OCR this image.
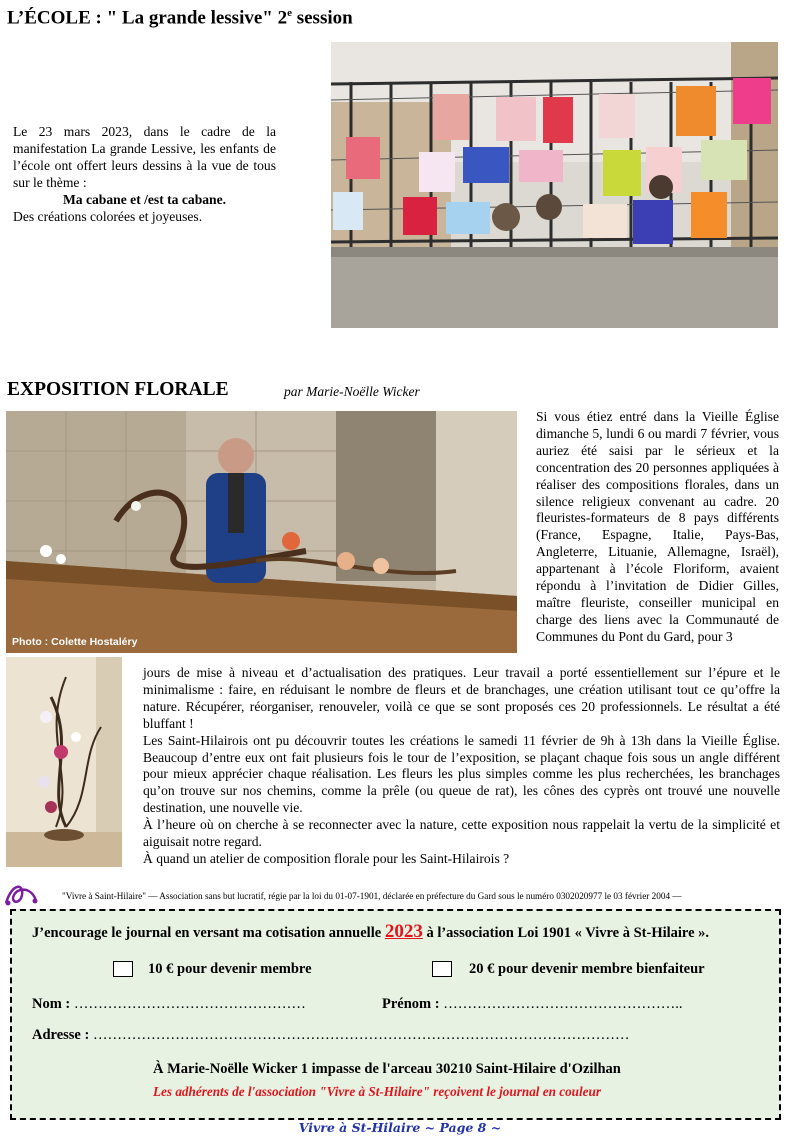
L’ÉCOLE : " La grande lessive" 2e session
Le 23 mars 2023, dans le cadre de la manifestation La grande Lessive, les enfants de l’école ont offert leurs dessins à la vue de tous sur le thème :
Ma cabane et /est ta cabane.
Des créations colorées et joyeuses.
EXPOSITION FLORALE	par Marie-Noëlle Wicker
Photo : Colette Hostaléry
Si vous étiez entré dans la Vieille Église dimanche 5, lundi 6 ou mardi 7 février, vous auriez été saisi par le sérieux et la concentration des 20 personnes appliquées à réaliser des compositions florales, dans un silence religieux convenant au cadre. 20 fleuristes-formateurs de 8 pays différents (France, Espagne, Italie, Pays-Bas, Angleterre, Lituanie, Allemagne, Israël), appartenant à l’école Floriform, avaient répondu à l’invitation de Didier Gilles, maître fleuriste, conseiller municipal en charge des liens avec la Communauté de Communes du Pont du Gard, pour 3

jours de mise à niveau et d’actualisation des pratiques. Leur travail a porté essentiellement sur l’épure et le minimalisme : faire, en réduisant le nombre de fleurs et de branchages, une création utilisant tout ce qu’offre la nature. Récupérer, réorganiser, renouveler, voilà ce que se sont proposés ces 20 professionnels. Le résultat a été bluffant !

Les Saint-Hilairois ont pu découvrir toutes les créations le samedi 11 février de 9h à 13h dans la Vieille Église. Beaucoup d’entre eux ont fait plusieurs fois le tour de l’exposition, se plaçant chaque fois sous un angle différent pour mieux apprécier chaque réalisation. Les fleurs les plus simples comme les plus recherchées, les branchages qu’on trouve sur nos chemins, comme la prêle (ou queue de rat), les cônes des cyprès ont trouvé une nouvelle destination, une nouvelle vie.

À l’heure où on cherche à se reconnecter avec la nature, cette exposition nous rappelait la vertu de la simplicité et aiguisait notre regard.

À quand un atelier de composition florale pour les Saint-Hilairois ?

"Vivre à Saint-Hilaire" — Association sans but lucratif, régie par la loi du 01-07-1901, déclarée en préfecture du Gard sous le numéro 0302020977 le 03 février 2004 —
J’encourage le journal en versant ma cotisation annuelle 2023 à l’association Loi 1901 « Vivre à St-Hilaire ».
10 € pour devenir membre	20 € pour devenir membre bienfaiteur
Nom : …………………………………………	Prénom : …………………………………………..
Adresse : …………………………………………………………………………………………………
À Marie-Noëlle Wicker 1 impasse de l'arceau 30210 Saint-Hilaire d'Ozilhan
Les adhérents de l'association "Vivre à St-Hilaire" reçoivent le journal en couleur
Vivre à St-Hilaire ~ Page 8 ~
